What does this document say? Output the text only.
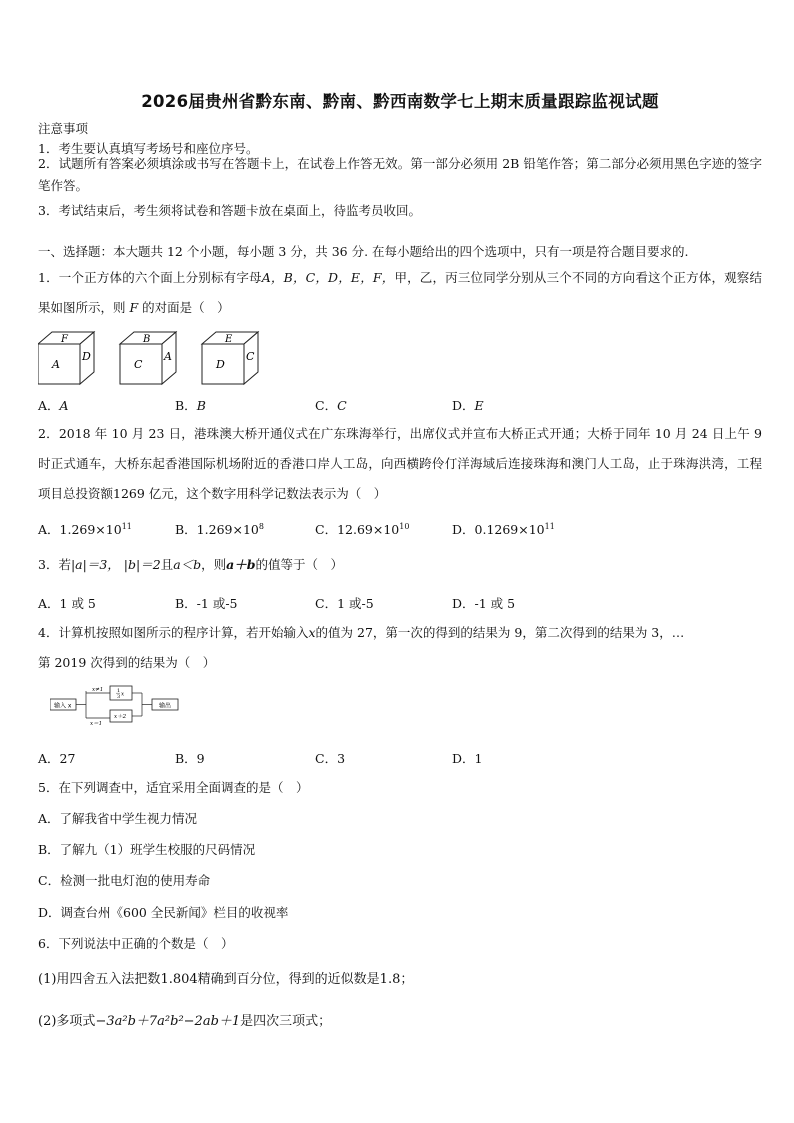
2026届贵州省黔东南、黔南、黔西南数学七上期末质量跟踪监视试题
注意事项
1．考生要认真填写考场号和座位序号。
2．试题所有答案必须填涂或书写在答题卡上，在试卷上作答无效。第一部分必须用 2B 铅笔作答；第二部分必须用黑色字迹的签字笔作答。
3．考试结束后，考生须将试卷和答题卡放在桌面上，待监考员收回。
一、选择题：本大题共 12 个小题，每小题 3 分，共 36 分. 在每小题给出的四个选项中，只有一项是符合题目要求的.
1．一个正方体的六个面上分别标有字母A，B，C，D，E，F，甲，乙，丙三位同学分别从三个不同的方向看这个正方体，观察结果如图所示，则 F 的对面是（　）
F
A
D
B
C
A
E
D
C
A．A	B．B	C．C	D．E
2．2018 年 10 月 23 日，港珠澳大桥开通仪式在广东珠海举行，出席仪式并宣布大桥正式开通；大桥于同年 10 月 24 日上午 9 时正式通车，大桥东起香港国际机场附近的香港口岸人工岛，向西横跨伶仃洋海域后连接珠海和澳门人工岛，止于珠海洪湾，工程项目总投资额1269 亿元，这个数字用科学记数法表示为（　）
A．$1.269\times 10^{11}$	B．$1.269\times 10^8$	C．$12.69\times 10^{10}$	D．$0.1269\times 10^{11}$
3．若|a|＝3， |b|＝2且a＜b，则a＋b的值等于（　）
A．1 或 5	B．-1 或-5	C．1 或-5	D．-1 或 5
4．计算机按照如图所示的程序计算，若开始输入x的值为 27，第一次的得到的结果为 9，第二次得到的结果为 3，…
第 2019 次得到的结果为（　）
输入 x
x≠1	1
3 x
x＋2
x＝1
输出
A．27	B．9	C．3	D．1
5．在下列调查中，适宜采用全面调查的是（　）
A．了解我省中学生视力情况
B．了解九（1）班学生校服的尺码情况
C．检测一批电灯泡的使用寿命
D．调查台州《600 全民新闻》栏目的收视率
6．下列说法中正确的个数是（　）
(1)用四舍五入法把数1.804精确到百分位，得到的近似数是1.8；
(2)多项式−3a²b＋7a²b²−2ab＋1是四次三项式；
